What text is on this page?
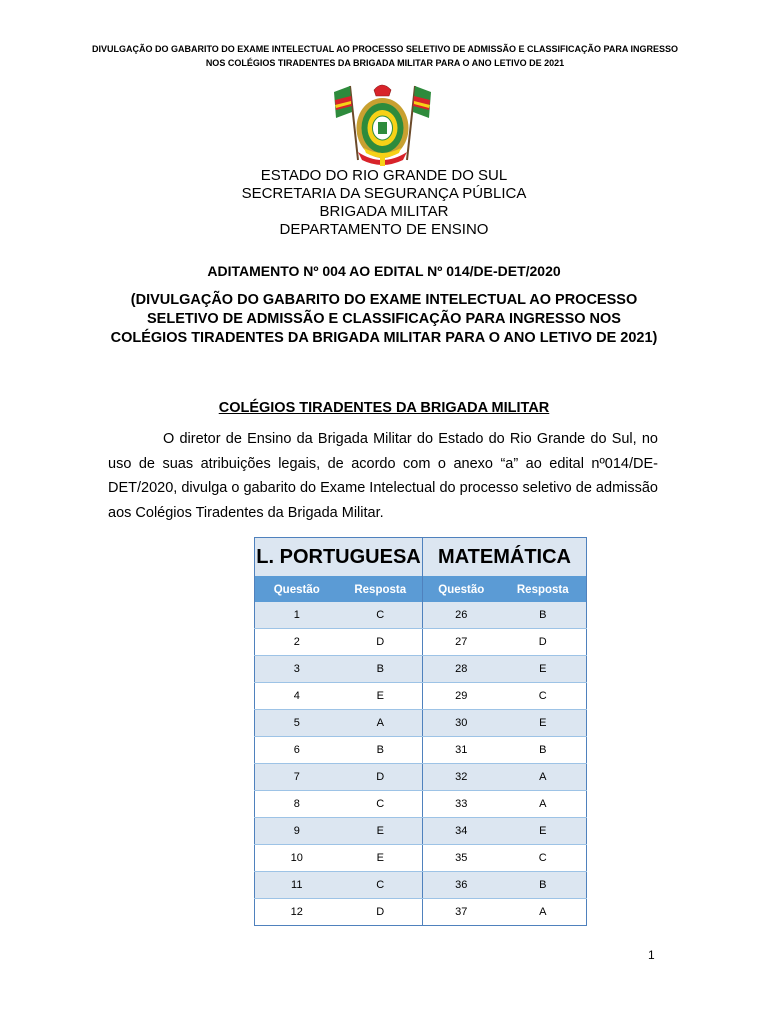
DIVULGAÇÃO DO GABARITO DO EXAME INTELECTUAL AO PROCESSO SELETIVO DE ADMISSÃO E CLASSIFICAÇÃO PARA INGRESSO
NOS COLÉGIOS TIRADENTES DA BRIGADA MILITAR PARA O ANO LETIVO DE 2021
ESTADO DO RIO GRANDE DO SUL
SECRETARIA DA SEGURANÇA PÚBLICA
BRIGADA MILITAR
DEPARTAMENTO DE ENSINO
ADITAMENTO Nº 004 AO EDITAL Nº 014/DE-DET/2020
(DIVULGAÇÃO DO GABARITO DO EXAME INTELECTUAL AO PROCESSO SELETIVO DE ADMISSÃO E CLASSIFICAÇÃO PARA INGRESSO NOS COLÉGIOS TIRADENTES DA BRIGADA MILITAR PARA O ANO LETIVO DE 2021)
COLÉGIOS TIRADENTES DA BRIGADA MILITAR
O diretor de Ensino da Brigada Militar do Estado do Rio Grande do Sul, no uso de suas atribuições legais, de acordo com o anexo “a” ao edital nº014/DE-DET/2020, divulga o gabarito do Exame Intelectual do processo seletivo de admissão aos Colégios Tiradentes da Brigada Militar.
L. PORTUGUESA		MATEMÁTICA	
Questão	Resposta	Questão	Resposta
1	C	26	B
2	D	27	D
3	B	28	E
4	E	29	C
5	A	30	E
6	B	31	B
7	D	32	A
8	C	33	A
9	E	34	E
10	E	35	C
11	C	36	B
12	D	37	A
1
